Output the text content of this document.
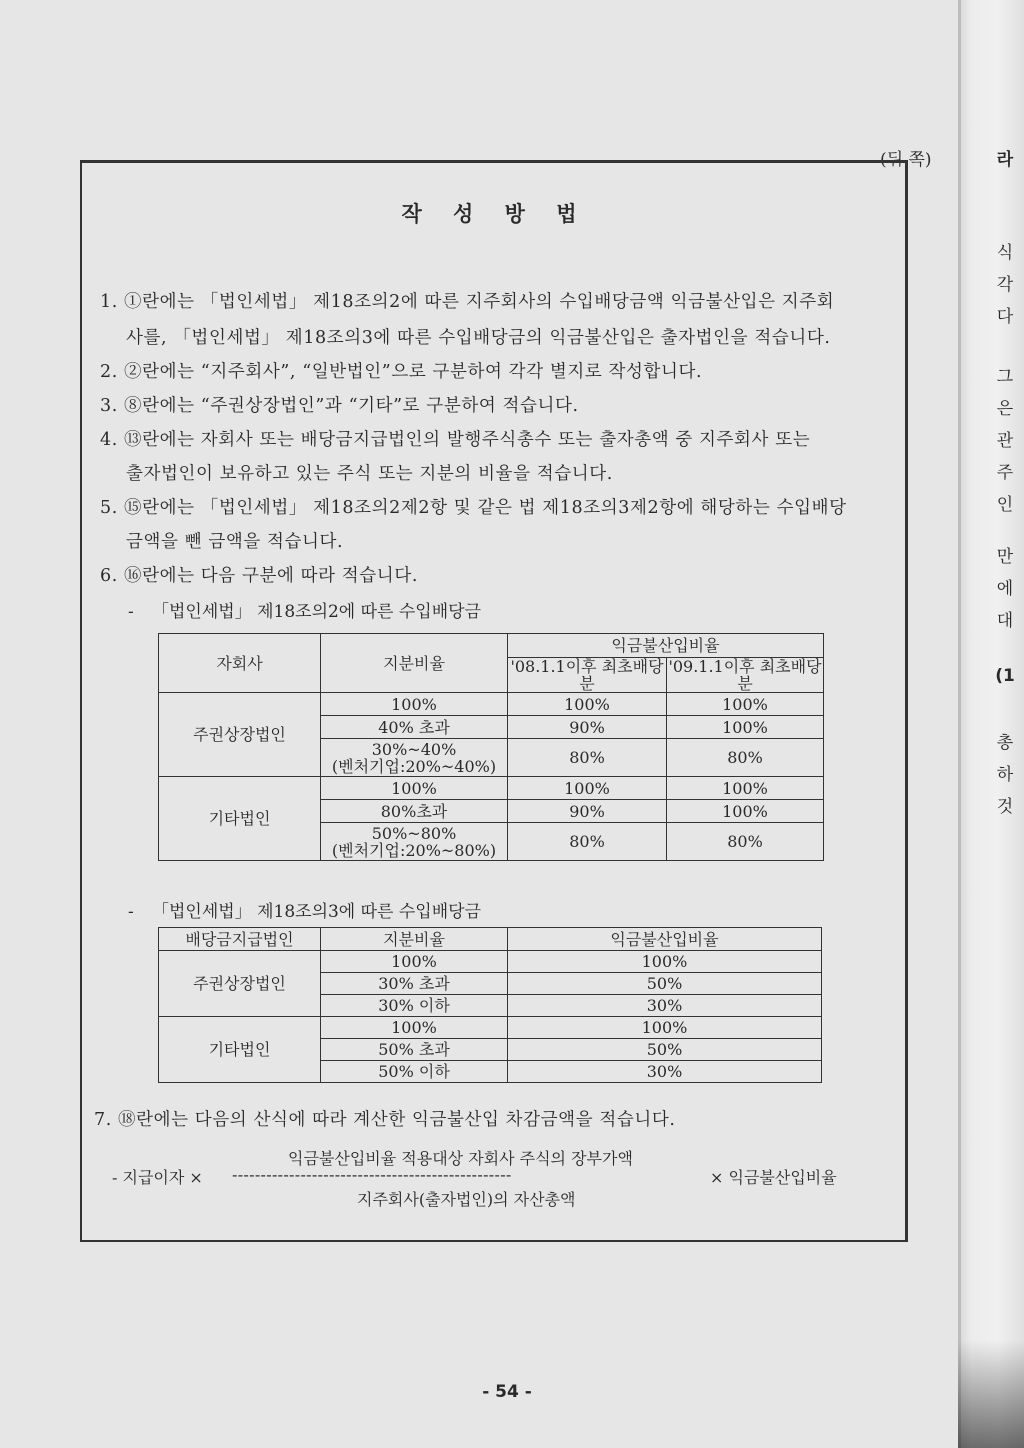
라
식
각
다
그
은
관
주
인
만
에
대
(1
총
하
것
(뒤 쪽)
작 성 방 법
1. ①란에는 「법인세법」 제18조의2에 따른 지주회사의 수입배당금액 익금불산입은 지주회
사를, 「법인세법」 제18조의3에 따른 수입배당금의 익금불산입은 출자법인을 적습니다.
2. ②란에는 “지주회사”, “일반법인”으로 구분하여 각각 별지로 작성합니다.
3. ⑧란에는 “주권상장법인”과 “기타”로 구분하여 적습니다.
4. ⑬란에는 자회사 또는 배당금지급법인의 발행주식총수 또는 출자총액 중 지주회사 또는
출자법인이 보유하고 있는 주식 또는 지분의 비율을 적습니다.
5. ⑮란에는 「법인세법」 제18조의2제2항 및 같은 법 제18조의3제2항에 해당하는 수입배당
금액을 뺀 금액을 적습니다.
6. ⑯란에는 다음 구분에 따라 적습니다.
- 「법인세법」 제18조의2에 따른 수입배당금
자회사	지분비율	익금불산입비율	
		'08.1.1이후 최초배당분	'09.1.1이후 최초배당분
주권상장법인	100%	100%	100%
	40% 초과	90%	100%

	30%~40%
(벤처기업:20%~40%)	80%	80%
기타법인	100%	100%	100%
	80%초과	90%	100%

	50%~80%
(벤처기업:20%~80%)	80%	80%
- 「법인세법」 제18조의3에 따른 수입배당금
배당금지급법인	지분비율	익금불산입비율
주권상장법인	100%	100%
	30% 초과	50%
	30% 이하	30%
기타법인	100%	100%
	50% 초과	50%
	50% 이하	30%
7. ⑱란에는 다음의 산식에 따라 계산한 익금불산입 차감금액을 적습니다.
익금불산입비율 적용대상 자회사 주식의 장부가액
- 지급이자 × -------------------------------------------------	× 익금불산입비율
지주회사(출자법인)의 자산총액
- 54 -
